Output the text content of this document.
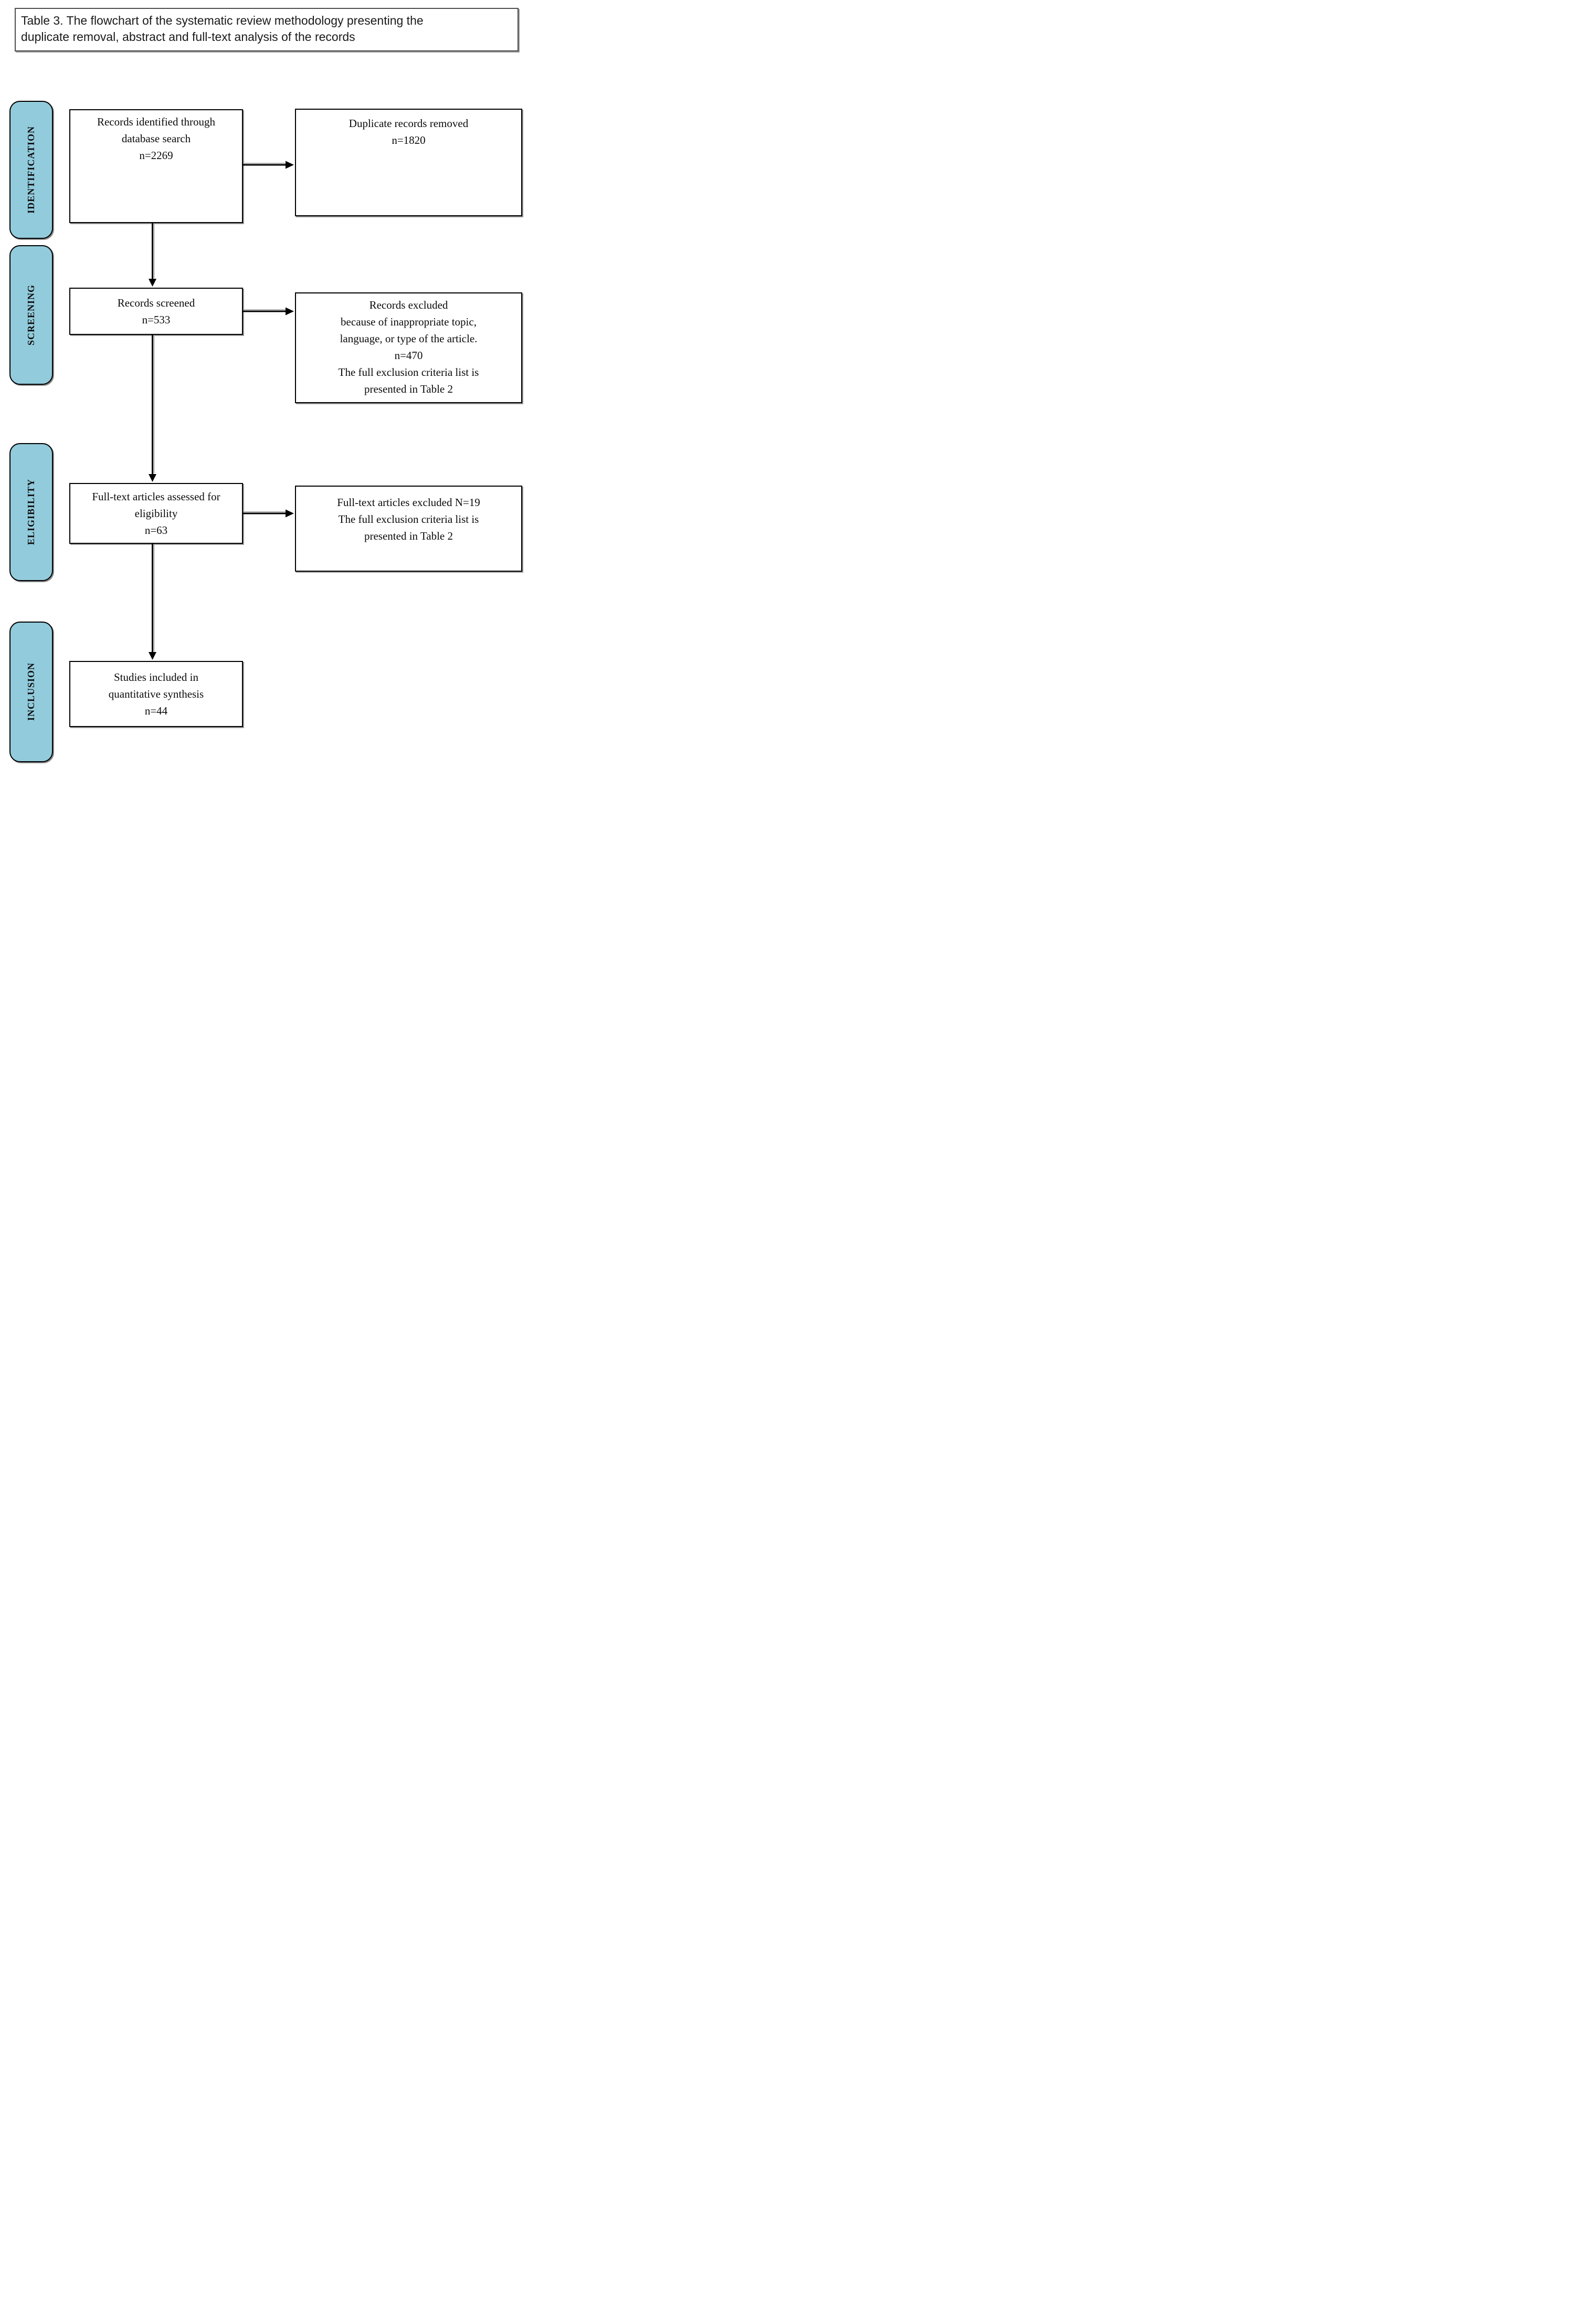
Table 3. The flowchart of the systematic review methodology presenting the
duplicate removal, abstract and full-text analysis of the records
IDENTIFICATION
SCREENING
ELIGIBILITY
INCLUSION
Records identified through
database search
n=2269
Records screened
n=533
Full-text articles assessed for
eligibility
n=63
Studies included in
quantitative synthesis
n=44
Duplicate records removed
n=1820
Records excluded
because of inappropriate topic,
language, or type of the article.
n=470
The full exclusion criteria list is
presented in Table 2
Full-text articles excluded N=19
The full exclusion criteria list is
presented in Table 2
